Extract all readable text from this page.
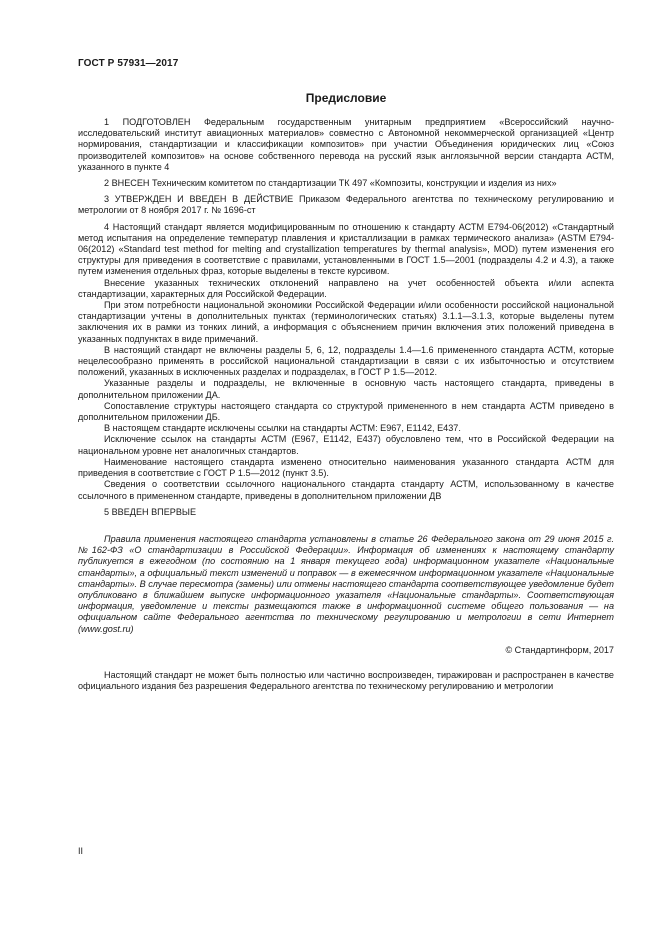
ГОСТ Р 57931—2017
Предисловие

1 ПОДГОТОВЛЕН Федеральным государственным унитарным предприятием «Всероссийский научно-исследовательский институт авиационных материалов» совместно с Автономной некоммерческой организацией «Центр нормирования, стандартизации и классификации композитов» при участии Объединения юридических лиц «Союз производителей композитов» на основе собственного перевода на русский язык англоязычной версии стандарта АСТМ, указанного в пункте 4

2 ВНЕСЕН Техническим комитетом по стандартизации ТК 497 «Композиты, конструкции и изделия из них»

3 УТВЕРЖДЕН И ВВЕДЕН В ДЕЙСТВИЕ Приказом Федерального агентства по техническому регулированию и метрологии от 8 ноября 2017 г. № 1696-ст

4 Настоящий стандарт является модифицированным по отношению к стандарту АСТМ Е794-06(2012) «Стандартный метод испытания на определение температур плавления и кристаллизации в рамках термического анализа» (ASTM E794-06(2012) «Standard test method for melting and crystallization temperatures by thermal analysis», MOD) путем изменения его структуры для приведения в соответствие с правилами, установленными в ГОСТ 1.5—2001 (подразделы 4.2 и 4.3), а также путем изменения отдельных фраз, которые выделены в тексте курсивом.

Внесение указанных технических отклонений направлено на учет особенностей объекта и/или аспекта стандартизации, характерных для Российской Федерации.

При этом потребности национальной экономики Российской Федерации и/или особенности российской национальной стандартизации учтены в дополнительных пунктах (терминологических статьях) 3.1.1—3.1.3, которые выделены путем заключения их в рамки из тонких линий, а информация с объяснением причин включения этих положений приведена в указанных подпунктах в виде примечаний.

В настоящий стандарт не включены разделы 5, 6, 12, подразделы 1.4—1.6 примененного стандарта АСТМ, которые нецелесообразно применять в российской национальной стандартизации в связи с их избыточностью и отсутствием положений, указанных в исключенных разделах и подразделах, в ГОСТ Р 1.5—2012.

Указанные разделы и подразделы, не включенные в основную часть настоящего стандарта, приведены в дополнительном приложении ДА.

Сопоставление структуры настоящего стандарта со структурой примененного в нем стандарта АСТМ приведено в дополнительном приложении ДБ.

В настоящем стандарте исключены ссылки на стандарты АСТМ: Е967, Е1142, Е437.

Исключение ссылок на стандарты АСТМ (Е967, Е1142, Е437) обусловлено тем, что в Российской Федерации на национальном уровне нет аналогичных стандартов.

Наименование настоящего стандарта изменено относительно наименования указанного стандарта АСТМ для приведения в соответствие с ГОСТ Р 1.5—2012 (пункт 3.5).

Сведения о соответствии ссылочного национального стандарта стандарту АСТМ, использованному в качестве ссылочного в примененном стандарте, приведены в дополнительном приложении ДВ

5 ВВЕДЕН ВПЕРВЫЕ

Правила применения настоящего стандарта установлены в статье 26 Федерального закона от 29 июня 2015 г. №162-ФЗ «О стандартизации в Российской Федерации». Информация об изменениях к настоящему стандарту публикуется в ежегодном (по состоянию на 1 января текущего года) информационном указателе «Национальные стандарты», а официальный текст изменений и поправок — в ежемесячном информационном указателе «Национальные стандарты». В случае пересмотра (замены) или отмены настоящего стандарта соответствующее уведомление будет опубликовано в ближайшем выпуске информационного указателя «Национальные стандарты». Соответствующая информация, уведомление и тексты размещаются также в информационной системе общего пользования — на официальном сайте Федерального агентства по техническому регулированию и метрологии в сети Интернет (www.gost.ru)

© Стандартинформ, 2017

Настоящий стандарт не может быть полностью или частично воспроизведен, тиражирован и распространен в качестве официального издания без разрешения Федерального агентства по техническому регулированию и метрологии

II
